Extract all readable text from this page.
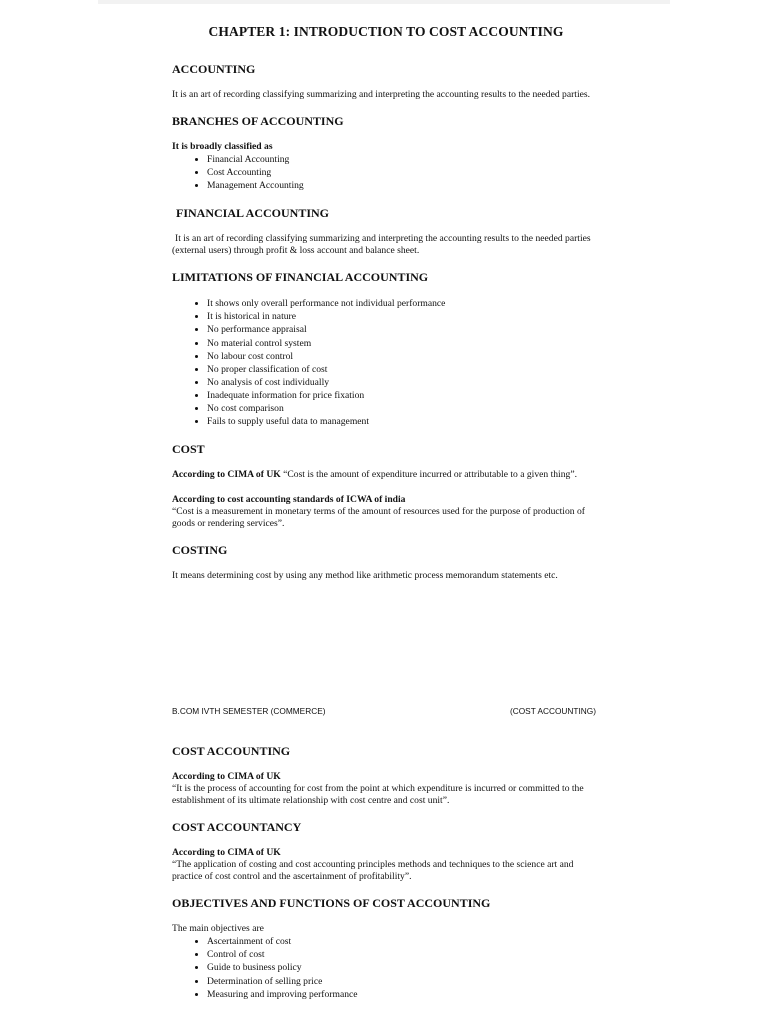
CHAPTER 1: INTRODUCTION TO COST ACCOUNTING
ACCOUNTING

It is an art of recording classifying summarizing and interpreting the accounting results to the needed parties.

BRANCHES OF ACCOUNTING
It is broadly classified as
• Financial Accounting
• Cost Accounting
• Management Accounting
FINANCIAL ACCOUNTING

It is an art of recording classifying summarizing and interpreting the accounting results to the needed parties (external users) through profit & loss account and balance sheet.

LIMITATIONS OF FINANCIAL ACCOUNTING
• It shows only overall performance not individual performance
• It is historical in nature
• No performance appraisal
• No material control system
• No labour cost control
• No proper classification of cost
• No analysis of cost individually
• Inadequate information for price fixation
• No cost comparison
• Fails to supply useful data to management
COST

According to CIMA of UK “Cost is the amount of expenditure incurred or attributable to a given thing”.

According to cost accounting standards of ICWA of india

“Cost is a measurement in monetary terms of the amount of resources used for the purpose of production of goods or rendering services”.

COSTING

It means determining cost by using any method like arithmetic process memorandum statements etc.

B.COM IVTH SEMESTER (COMMERCE)	(COST ACCOUNTING)
COST ACCOUNTING
According to CIMA of UK

“It is the process of accounting for cost from the point at which expenditure is incurred or committed to the establishment of its ultimate relationship with cost centre and cost unit”.

COST ACCOUNTANCY
According to CIMA of UK

“The application of costing and cost accounting principles methods and techniques to the science art and practice of cost control and the ascertainment of profitability”.

OBJECTIVES AND FUNCTIONS OF COST ACCOUNTING
The main objectives are
• Ascertainment of cost
• Control of cost
• Guide to business policy
• Determination of selling price
• Measuring and improving performance
